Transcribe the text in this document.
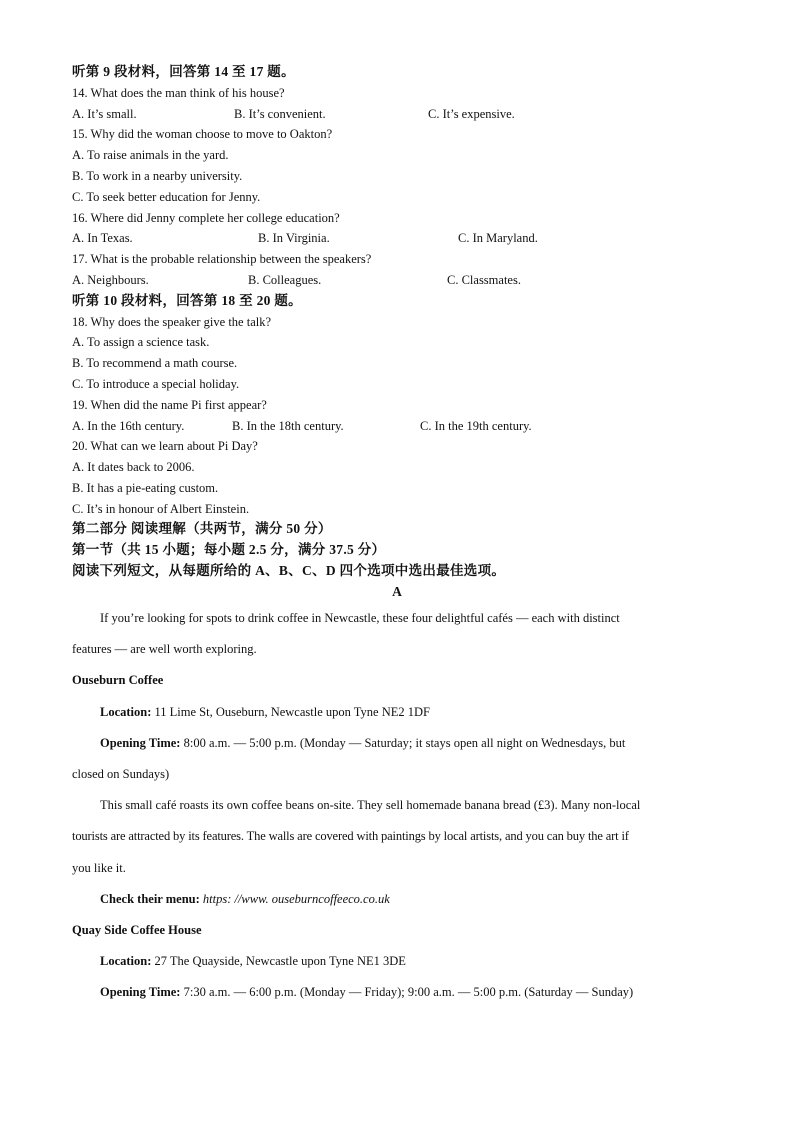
听第 9 段材料，回答第 14 至 17 题。
14. What does the man think of his house?
A. It’s small.	B. It’s convenient.	C. It’s expensive.
15. Why did the woman choose to move to Oakton?
A. To raise animals in the yard.
B. To work in a nearby university.
C. To seek better education for Jenny.
16. Where did Jenny complete her college education?
A. In Texas.	B. In Virginia.	C. In Maryland.
17. What is the probable relationship between the speakers?
A. Neighbours.	B. Colleagues.	C. Classmates.
听第 10 段材料，回答第 18 至 20 题。
18. Why does the speaker give the talk?
A. To assign a science task.
B. To recommend a math course.
C. To introduce a special holiday.
19. When did the name Pi first appear?
A. In the 16th century.	B. In the 18th century.	C. In the 19th century.
20. What can we learn about Pi Day?
A. It dates back to 2006.
B. It has a pie-eating custom.
C. It’s in honour of Albert Einstein.
第二部分 阅读理解（共两节，满分 50 分）
第一节（共 15 小题；每小题 2.5 分，满分 37.5 分）
阅读下列短文，从每题所给的 A、B、C、D 四个选项中选出最佳选项。
A
If you’re looking for spots to drink coffee in Newcastle, these four delightful cafés — each with distinct
features — are well worth exploring.
Ouseburn Coffee
Location: 11 Lime St, Ouseburn, Newcastle upon Tyne NE2 1DF
Opening Time: 8:00 a.m. — 5:00 p.m. (Monday — Saturday; it stays open all night on Wednesdays, but
closed on Sundays)
This small café roasts its own coffee beans on-site. They sell homemade banana bread (£3). Many non-local
tourists are attracted by its features. The walls are covered with paintings by local artists, and you can buy the art if
you like it.
Check their menu: https: //www. ouseburncoffeeco.co.uk
Quay Side Coffee House
Location: 27 The Quayside, Newcastle upon Tyne NE1 3DE
Opening Time: 7:30 a.m. — 6:00 p.m. (Monday — Friday); 9:00 a.m. — 5:00 p.m. (Saturday — Sunday)
